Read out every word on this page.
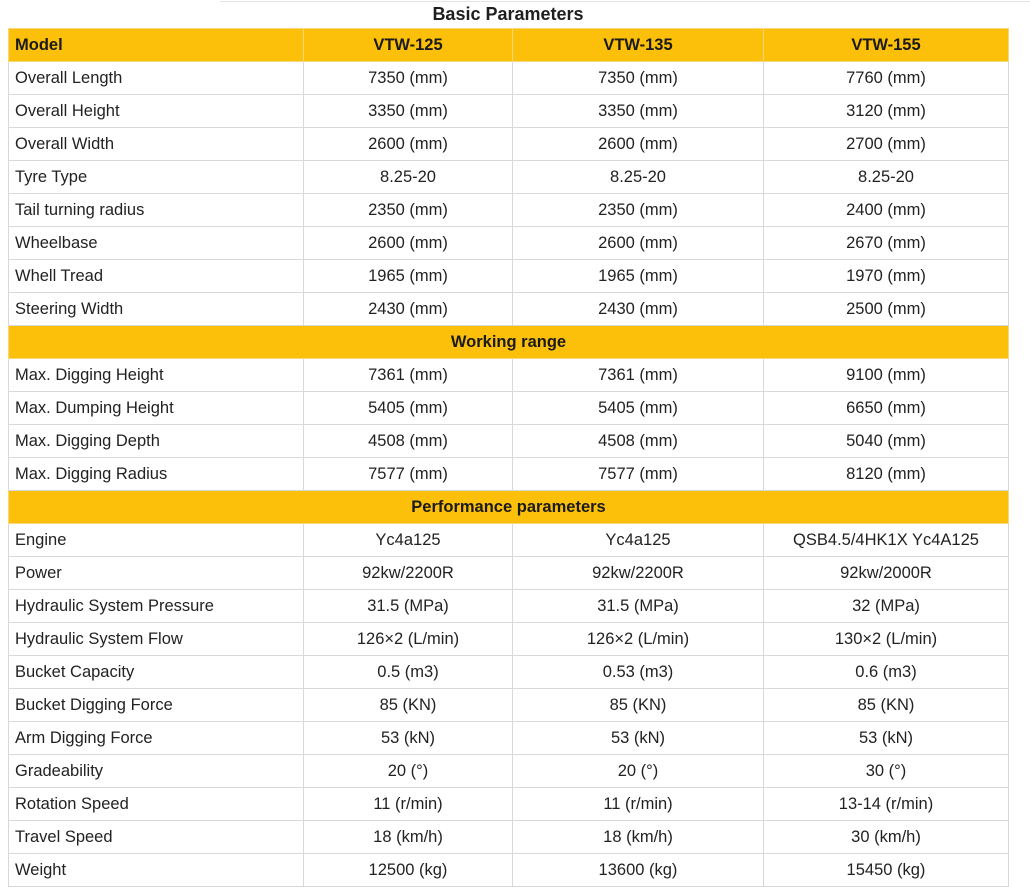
Basic Parameters
Model	VTW-125	VTW-135	VTW-155
Overall Length	7350 (mm)	7350 (mm)	7760 (mm)
Overall Height	3350 (mm)	3350 (mm)	3120 (mm)
Overall Width	2600 (mm)	2600 (mm)	2700 (mm)
Tyre Type	8.25-20	8.25-20	8.25-20
Tail turning radius	2350 (mm)	2350 (mm)	2400 (mm)
Wheelbase	2600 (mm)	2600 (mm)	2670 (mm)
Whell Tread	1965 (mm)	1965 (mm)	1970 (mm)
Steering Width	2430 (mm)	2430 (mm)	2500 (mm)
Working range			
Max. Digging Height	7361 (mm)	7361 (mm)	9100 (mm)
Max. Dumping Height	5405 (mm)	5405 (mm)	6650 (mm)
Max. Digging Depth	4508 (mm)	4508 (mm)	5040 (mm)
Max. Digging Radius	7577 (mm)	7577 (mm)	8120 (mm)
Performance parameters			
Engine	Yc4a125	Yc4a125	QSB4.5/4HK1X Yc4A125
Power	92kw/2200R	92kw/2200R	92kw/2000R
Hydraulic System Pressure	31.5 (MPa)	31.5 (MPa)	32 (MPa)
Hydraulic System Flow	126×2 (L/min)	126×2 (L/min)	130×2 (L/min)
Bucket Capacity	0.5 (m3)	0.53 (m3)	0.6 (m3)
Bucket Digging Force	85 (KN)	85 (KN)	85 (KN)
Arm Digging Force	53 (kN)	53 (kN)	53 (kN)
Gradeability	20 (°)	20 (°)	30 (°)
Rotation Speed	11 (r/min)	11 (r/min)	13-14 (r/min)
Travel Speed	18 (km/h)	18 (km/h)	30 (km/h)
Weight	12500 (kg)	13600 (kg)	15450 (kg)
